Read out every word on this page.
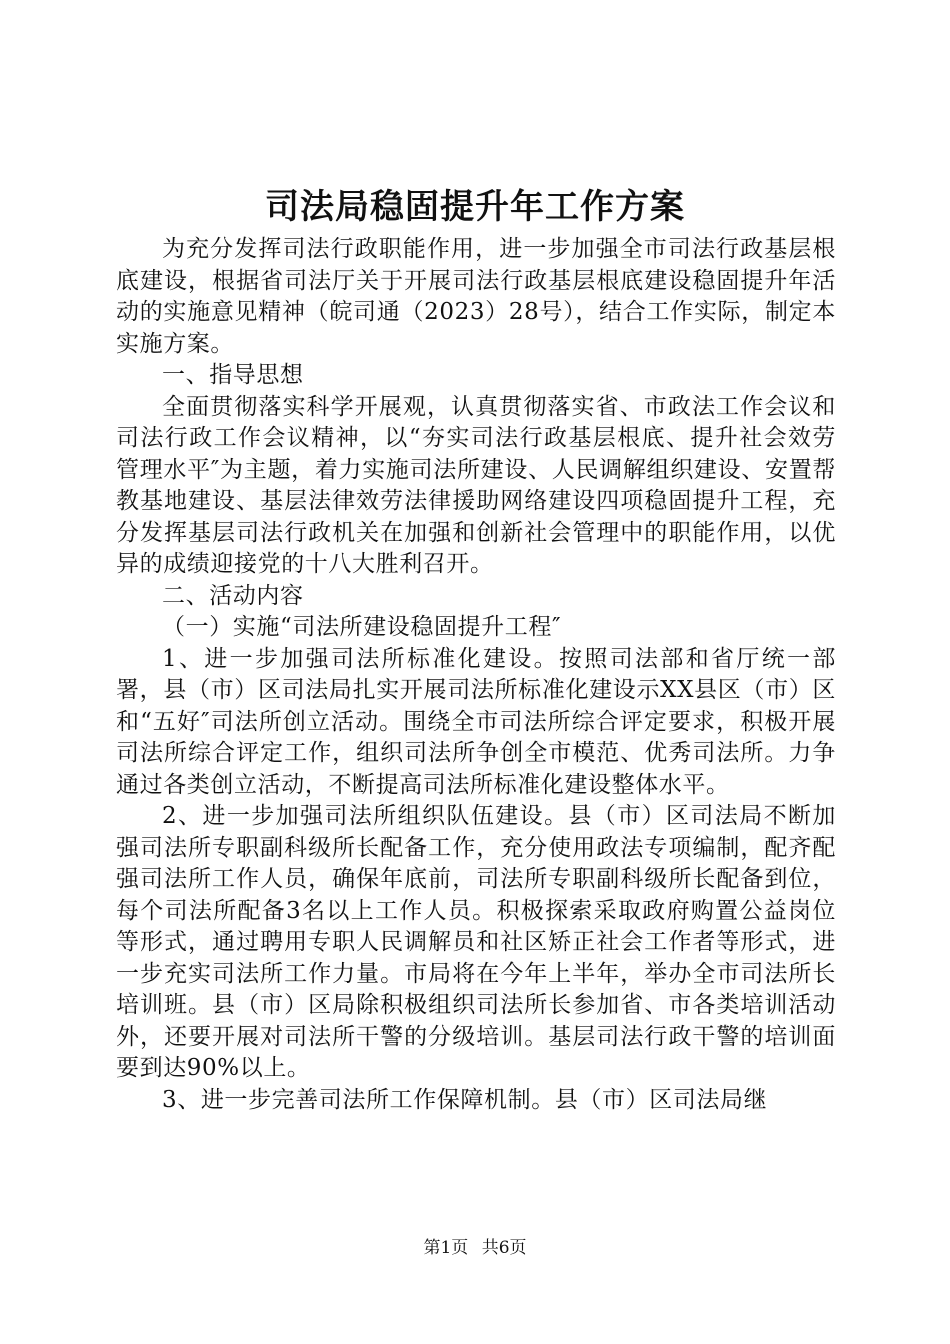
司法局稳固提升年工作方案

为充分发挥司法行政职能作用，进一步加强全市司法行政基层根底建设，根据省司法厅关于开展司法行政基层根底建设稳固提升年活动的实施意见精神（皖司通（2023）28号），结合工作实际，制定本实施方案。

一、指导思想

全面贯彻落实科学开展观，认真贯彻落实省、市政法工作会议和司法行政工作会议精神，以“夯实司法行政基层根底、提升社会效劳管理水平″为主题，着力实施司法所建设、人民调解组织建设、安置帮教基地建设、基层法律效劳法律援助网络建设四项稳固提升工程，充分发挥基层司法行政机关在加强和创新社会管理中的职能作用，以优异的成绩迎接党的十八大胜利召开。

二、活动内容

（一）实施“司法所建设稳固提升工程″

1、进一步加强司法所标准化建设。按照司法部和省厅统一部署，县（市）区司法局扎实开展司法所标准化建设示XX县区（市）区和“五好″司法所创立活动。围绕全市司法所综合评定要求，积极开展司法所综合评定工作，组织司法所争创全市模范、优秀司法所。力争通过各类创立活动，不断提高司法所标准化建设整体水平。

2、进一步加强司法所组织队伍建设。县（市）区司法局不断加强司法所专职副科级所长配备工作，充分使用政法专项编制，配齐配强司法所工作人员，确保年底前，司法所专职副科级所长配备到位，每个司法所配备3名以上工作人员。积极探索采取政府购置公益岗位等形式，通过聘用专职人民调解员和社区矫正社会工作者等形式，进一步充实司法所工作力量。市局将在今年上半年，举办全市司法所长培训班。县（市）区局除积极组织司法所长参加省、市各类培训活动外，还要开展对司法所干警的分级培训。基层司法行政干警的培训面要到达90%以上。

3、进一步完善司法所工作保障机制。县（市）区司法局继

第1页 共6页
